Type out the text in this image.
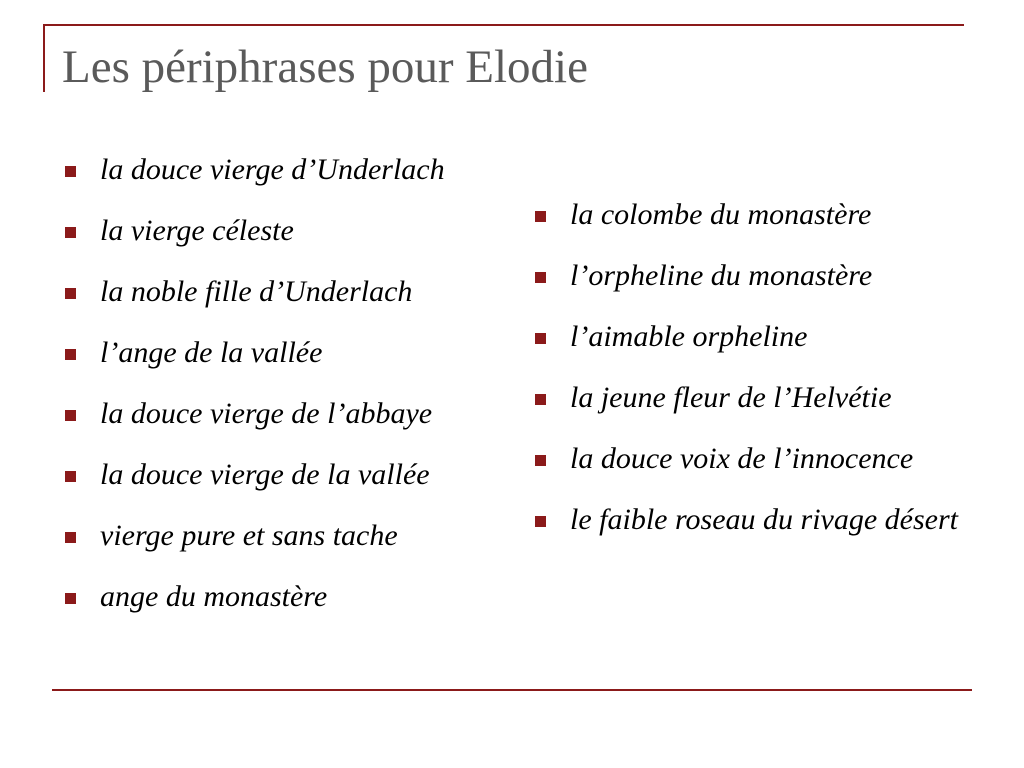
Les périphrases pour Elodie
la douce vierge d’Underlach
la vierge céleste
la noble fille d’Underlach
l’ange de la vallée
la douce vierge de l’abbaye
la douce vierge de la vallée
vierge pure et sans tache
ange du monastère
la colombe du monastère
l’orpheline du monastère
l’aimable orpheline
la jeune fleur de l’Helvétie
la douce voix de l’innocence
le faible roseau du rivage désert
